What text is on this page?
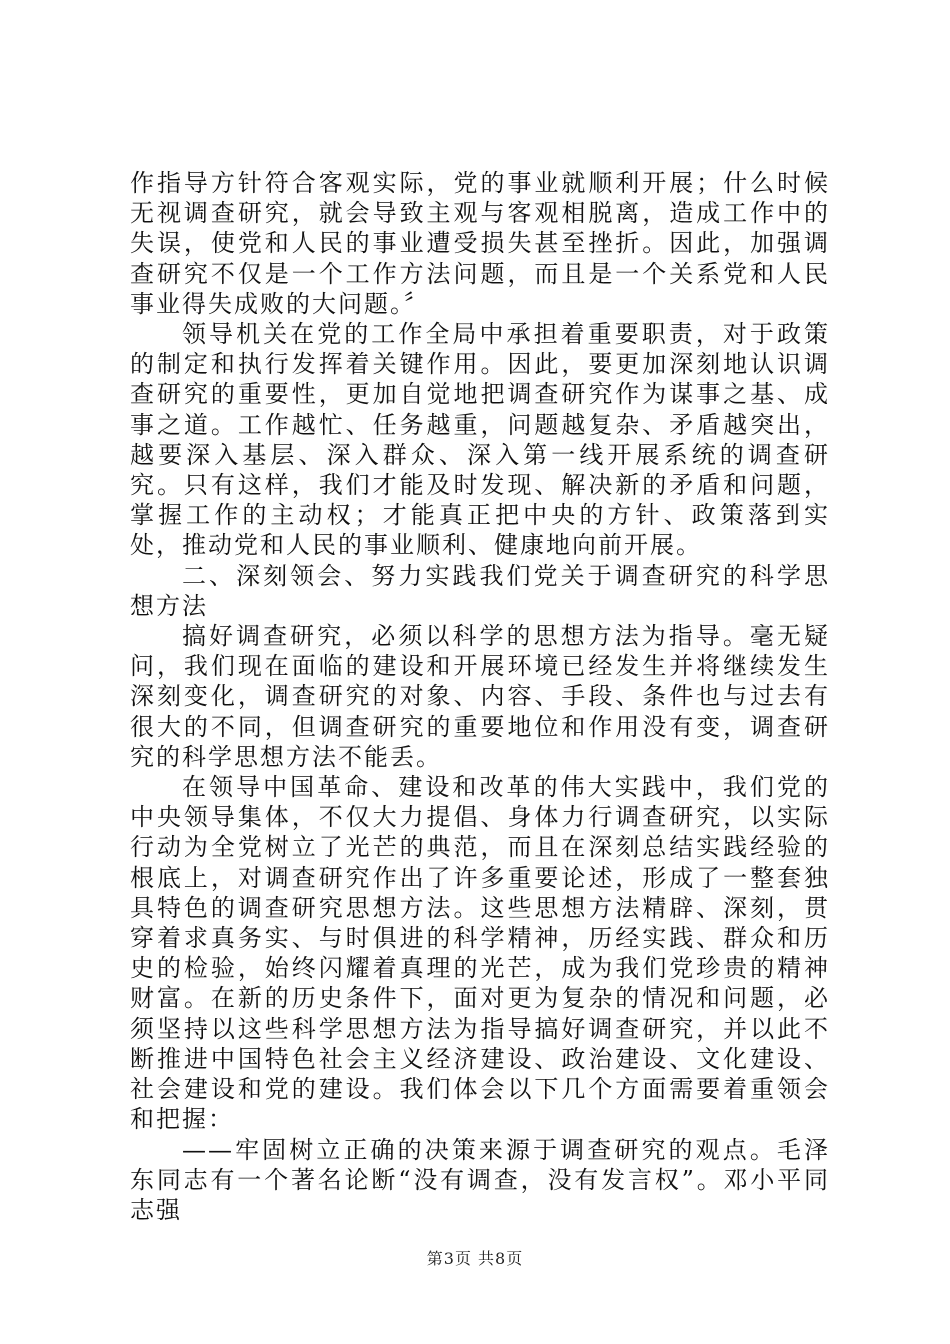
作指导方针符合客观实际，党的事业就顺利开展；什么时候无视调查研究，就会导致主观与客观相脱离，造成工作中的失误，使党和人民的事业遭受损失甚至挫折。因此，加强调查研究不仅是一个工作方法问题，而且是一个关系党和人民事业得失成败的大问题。〞

领导机关在党的工作全局中承担着重要职责，对于政策的制定和执行发挥着关键作用。因此，要更加深刻地认识调查研究的重要性，更加自觉地把调查研究作为谋事之基、成事之道。工作越忙、任务越重，问题越复杂、矛盾越突出，越要深入基层、深入群众、深入第一线开展系统的调查研究。只有这样，我们才能及时发现、解决新的矛盾和问题，掌握工作的主动权；才能真正把中央的方针、政策落到实处，推动党和人民的事业顺利、健康地向前开展。

二、深刻领会、努力实践我们党关于调查研究的科学思想方法

搞好调查研究，必须以科学的思想方法为指导。毫无疑问，我们现在面临的建设和开展环境已经发生并将继续发生深刻变化，调查研究的对象、内容、手段、条件也与过去有很大的不同，但调查研究的重要地位和作用没有变，调查研究的科学思想方法不能丢。

在领导中国革命、建设和改革的伟大实践中，我们党的中央领导集体，不仅大力提倡、身体力行调查研究，以实际行动为全党树立了光芒的典范，而且在深刻总结实践经验的根底上，对调查研究作出了许多重要论述，形成了一整套独具特色的调查研究思想方法。这些思想方法精辟、深刻，贯穿着求真务实、与时俱进的科学精神，历经实践、群众和历史的检验，始终闪耀着真理的光芒，成为我们党珍贵的精神财富。在新的历史条件下，面对更为复杂的情况和问题，必须坚持以这些科学思想方法为指导搞好调查研究，并以此不断推进中国特色社会主义经济建设、政治建设、文化建设、社会建设和党的建设。我们体会以下几个方面需要着重领会和把握：

——牢固树立正确的决策来源于调查研究的观点。毛泽东同志有一个著名论断“没有调查，没有发言权”。邓小平同志强

第3页 共8页
